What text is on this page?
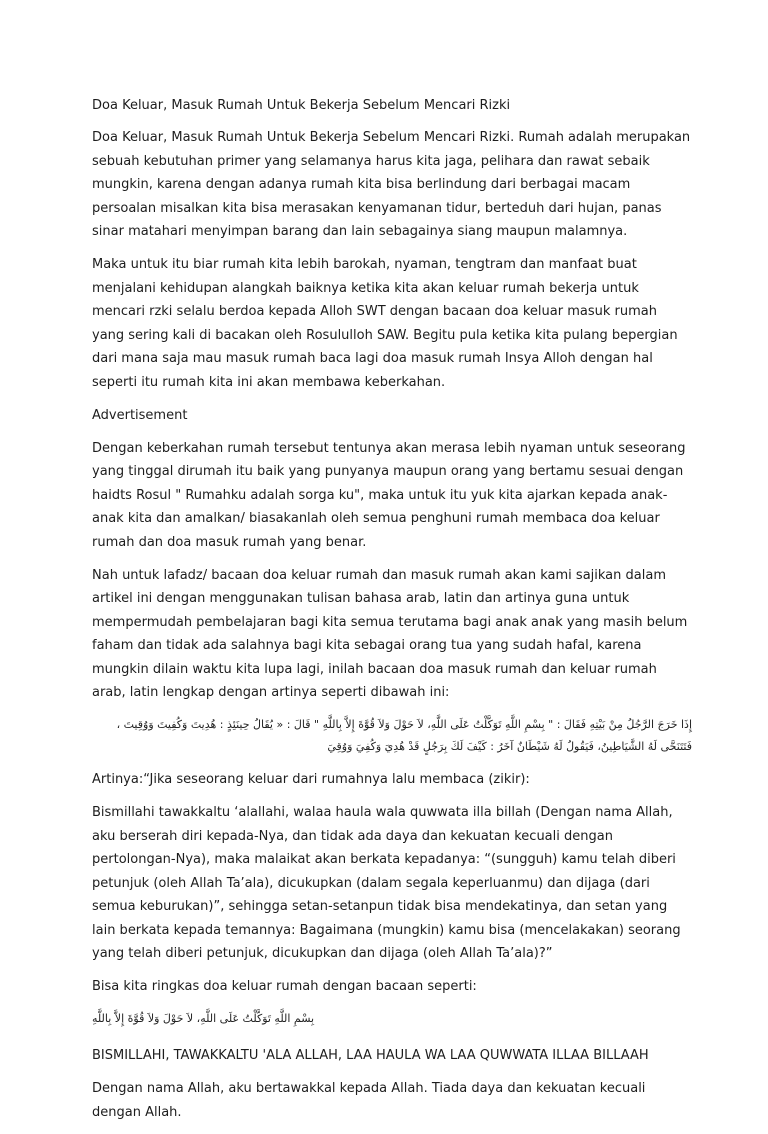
Doa Keluar, Masuk Rumah Untuk Bekerja Sebelum Mencari Rizki

Doa Keluar, Masuk Rumah Untuk Bekerja Sebelum Mencari Rizki. Rumah adalah merupakan sebuah kebutuhan primer yang selamanya harus kita jaga, pelihara dan rawat sebaik mungkin, karena dengan adanya rumah kita bisa berlindung dari berbagai macam persoalan misalkan kita bisa merasakan kenyamanan tidur, berteduh dari hujan, panas sinar matahari menyimpan barang dan lain sebagainya siang maupun malamnya.

Maka untuk itu biar rumah kita lebih barokah, nyaman, tengtram dan manfaat buat menjalani kehidupan alangkah baiknya ketika kita akan keluar rumah bekerja untuk mencari rzki selalu berdoa kepada Alloh SWT dengan bacaan doa keluar masuk rumah yang sering kali di bacakan oleh Rosululloh SAW. Begitu pula ketika kita pulang bepergian dari mana saja mau masuk rumah baca lagi doa masuk rumah Insya Alloh dengan hal seperti itu rumah kita ini akan membawa keberkahan.

Advertisement

Dengan keberkahan rumah tersebut tentunya akan merasa lebih nyaman untuk seseorang yang tinggal dirumah itu baik yang punyanya maupun orang yang bertamu sesuai dengan haidts Rosul " Rumahku adalah sorga ku", maka untuk itu yuk kita ajarkan kepada anak-anak kita dan amalkan/ biasakanlah oleh semua penghuni rumah membaca doa keluar rumah dan doa masuk rumah yang benar.

Nah untuk lafadz/ bacaan doa keluar rumah dan masuk rumah akan kami sajikan dalam artikel ini dengan menggunakan tulisan bahasa arab, latin dan artinya guna untuk mempermudah pembelajaran bagi kita semua terutama bagi anak anak yang masih belum faham dan tidak ada salahnya bagi kita sebagai orang tua yang sudah hafal, karena mungkin dilain waktu kita lupa lagi, inilah bacaan doa masuk rumah dan keluar rumah arab, latin lengkap dengan artinya seperti dibawah ini:

إِذَا خَرَجَ الرَّجُلُ مِنْ بَيْتِهِ فَقَالَ : " بِسْمِ اللَّهِ تَوَكَّلْتُ عَلَى اللَّهِ، لاَ حَوْلَ وَلاَ قُوَّةَ إِلاَّ بِاللَّهِ " قَالَ : « يُقَالُ حِينَئِذٍ : هُدِيتَ وَكُفِيتَ وَوُقِيتَ ، فَتَتَنَحَّى لَهُ الشَّيَاطِينُ، فَيَقُولُ لَهُ شَيْطَانٌ آخَرُ : كَيْفَ لَكَ بِرَجُلٍ قَدْ هُدِيَ وَكُفِيَ وَوُقِيَ

Artinya:“Jika seseorang keluar dari rumahnya lalu membaca (zikir):

Bismillahi tawakkaltu ‘alallahi, walaa haula wala quwwata illa billah (Dengan nama Allah, aku berserah diri kepada-Nya, dan tidak ada daya dan kekuatan kecuali dengan pertolongan-Nya), maka malaikat akan berkata kepadanya: “(sungguh) kamu telah diberi petunjuk (oleh Allah Ta’ala), dicukupkan (dalam segala keperluanmu) dan dijaga (dari semua keburukan)”, sehingga setan-setanpun tidak bisa mendekatinya, dan setan yang lain berkata kepada temannya: Bagaimana (mungkin) kamu bisa (mencelakakan) seorang yang telah diberi petunjuk, dicukupkan dan dijaga (oleh Allah Ta’ala)?”

Bisa kita ringkas doa keluar rumah dengan bacaan seperti:

بِسْمِ اللَّهِ تَوَكَّلْتُ عَلَى اللَّهِ، لاَ حَوْلَ وَلاَ قُوَّةَ إِلاَّ بِاللَّهِ

BISMILLAHI, TAWAKKALTU 'ALA ALLAH, LAA HAULA WA LAA QUWWATA ILLAA BILLAAH

Dengan nama Allah, aku bertawakkal kepada Allah. Tiada daya dan kekuatan kecuali dengan Allah.
